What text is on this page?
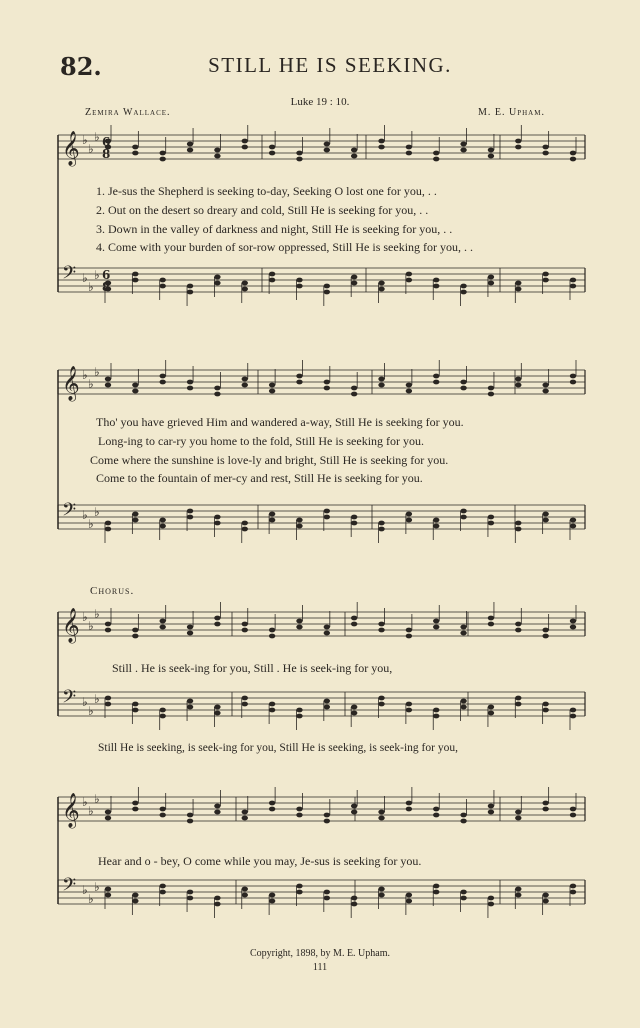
𝄞 ♭
♭
♭
𝄢 ♭
♭
♭
𝄞 ♭
♭
♭
𝄢 ♭
♭
♭
𝄞 ♭
♭
♭
𝄢 ♭
♭
♭
𝄞 ♭
♭
♭
𝄢 ♭
♭
♭
6
8
6
8
82.	STILL HE IS SEEKING.
Luke 19 : 10.
Zemira Wallace.	M. E. Upham.
1. Je-sus the Shepherd is seeking to-day, Seeking O lost one for you, . .
2. Out on the desert so dreary and cold, Still He is seeking for you, . .
3. Down in the valley of darkness and night, Still He is seeking for you, . .
4. Come with your burden of sor-row oppressed, Still He is seeking for you, . .
Tho' you have grieved Him and wandered a-way, Still He is seeking for you.
Long-ing to car-ry you home to the fold, Still He is seeking for you.
Come where the sunshine is love-ly and bright, Still He is seeking for you.
Come to the fountain of mer-cy and rest, Still He is seeking for you.
Chorus.
Still . He is seek-ing for you, Still . He is seek-ing for you,
Still He is seeking, is seek-ing for you, Still He is seeking, is seek-ing for you,
Hear and o - bey, O come while you may, Je-sus is seeking for you.
Copyright, 1898, by M. E. Upham.
111
